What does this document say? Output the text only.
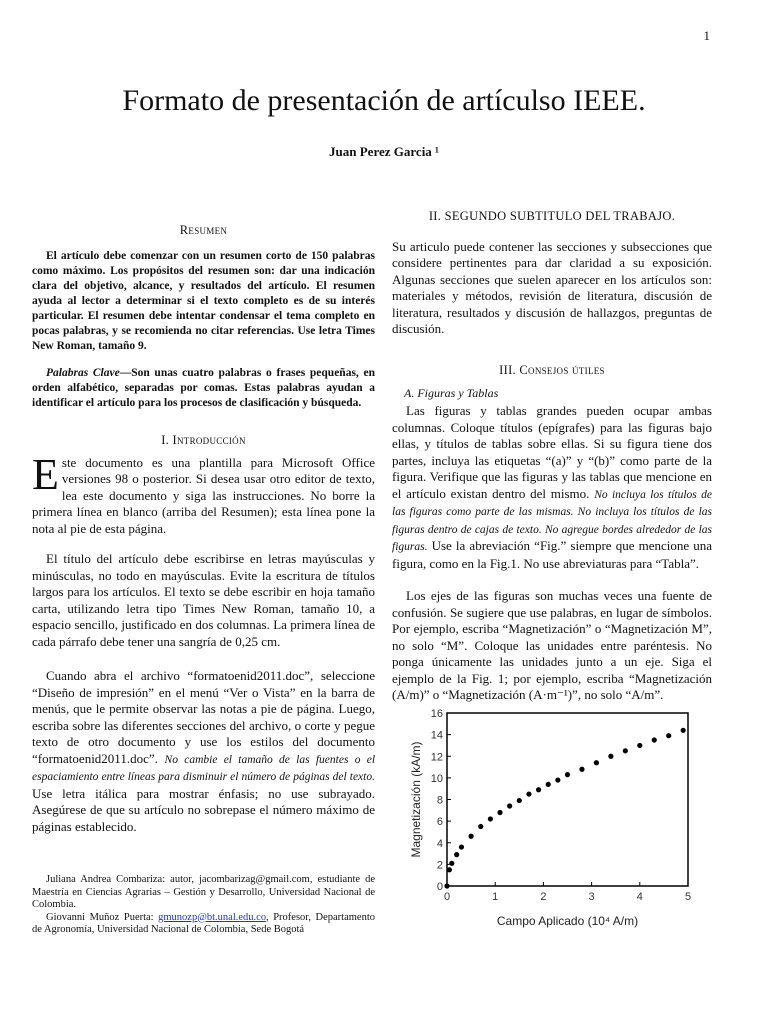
1
Formato de presentación de artículso IEEE.
Juan Perez Garcia ¹
Resumen
El artículo debe comenzar con un resumen corto de 150 palabras como máximo. Los propósitos del resumen son: dar una indicación clara del objetivo, alcance, y resultados del artículo. El resumen ayuda al lector a determinar si el texto completo es de su interés particular. El resumen debe intentar condensar el tema completo en pocas palabras, y se recomienda no citar referencias. Use letra Times New Roman, tamaño 9.
Palabras Clave—Son unas cuatro palabras o frases pequeñas, en orden alfabético, separadas por comas. Estas palabras ayudan a identificar el artículo para los procesos de clasificación y búsqueda.
I. Introducción

Este documento es una plantilla para Microsoft Office versiones 98 o posterior. Si desea usar otro editor de texto, lea este documento y siga las instrucciones. No borre la primera línea en blanco (arriba del Resumen); esta línea pone la nota al pie de esta página.

El título del artículo debe escribirse en letras mayúsculas y minúsculas, no todo en mayúsculas. Evite la escritura de títulos largos para los artículos. El texto se debe escribir en hoja tamaño carta, utilizando letra tipo Times New Roman, tamaño 10, a espacio sencillo, justificado en dos columnas. La primera línea de cada párrafo debe tener una sangría de 0,25 cm.

Cuando abra el archivo “formatoenid2011.doc”, seleccione “Diseño de impresión” en el menú “Ver o Vista” en la barra de menús, que le permite observar las notas a pie de página. Luego, escriba sobre las diferentes secciones del archivo, o corte y pegue texto de otro documento y use los estilos del documento “formatoenid2011.doc”. No cambie el tamaño de las fuentes o el espaciamiento entre líneas para disminuir el número de páginas del texto. Use letra itálica para mostrar énfasis; no use subrayado. Asegúrese de que su artículo no sobrepase el número máximo de páginas establecido.

Juliana Andrea Combariza: autor, jacombarizag@gmail.com, estudiante de Maestría en Ciencias Agrarias – Gestión y Desarrollo, Universidad Nacional de Colombia.
Giovanni Muñoz Puerta: gmunozp@bt.unal.edu.co, Profesor, Departamento de Agronomía, Universidad Nacional de Colombia, Sede Bogotá
II. SEGUNDO SUBTITULO DEL TRABAJO.

Su articulo puede contener las secciones y subsecciones que considere pertinentes para dar claridad a su exposición. Algunas secciones que suelen aparecer en los artículos son: materiales y métodos, revisión de literatura, discusión de literatura, resultados y discusión de hallazgos, preguntas de discusión.

III. Consejos útiles
A. Figuras y Tablas

Las figuras y tablas grandes pueden ocupar ambas columnas. Coloque títulos (epígrafes) para las figuras bajo ellas, y títulos de tablas sobre ellas. Si su figura tiene dos partes, incluya las etiquetas “(a)” y “(b)” como parte de la figura. Verifique que las figuras y las tablas que mencione en el artículo existan dentro del mismo. No incluya los títulos de las figuras como parte de las mismas. No incluya los títulos de las figuras dentro de cajas de texto. No agregue bordes alrededor de las figuras. Use la abreviación “Fig.” siempre que mencione una figura, como en la Fig.1. No use abreviaturas para “Tabla”.

Los ejes de las figuras son muchas veces una fuente de confusión. Se sugiere que use palabras, en lugar de símbolos. Por ejemplo, escriba “Magnetización” o “Magnetización M”, no solo “M”. Coloque las unidades entre paréntesis. No ponga únicamente las unidades junto a un eje. Siga el ejemplo de la Fig. 1; por ejemplo, escriba “Magnetización (A/m)” o “Magnetización (A·m⁻¹)”, no solo “A/m”.

0	1	2	3	4	5
0
2
4
6
8
10
12
14
16
Campo Aplicado (10⁴ A/m)
Magnetización (kA/m)
